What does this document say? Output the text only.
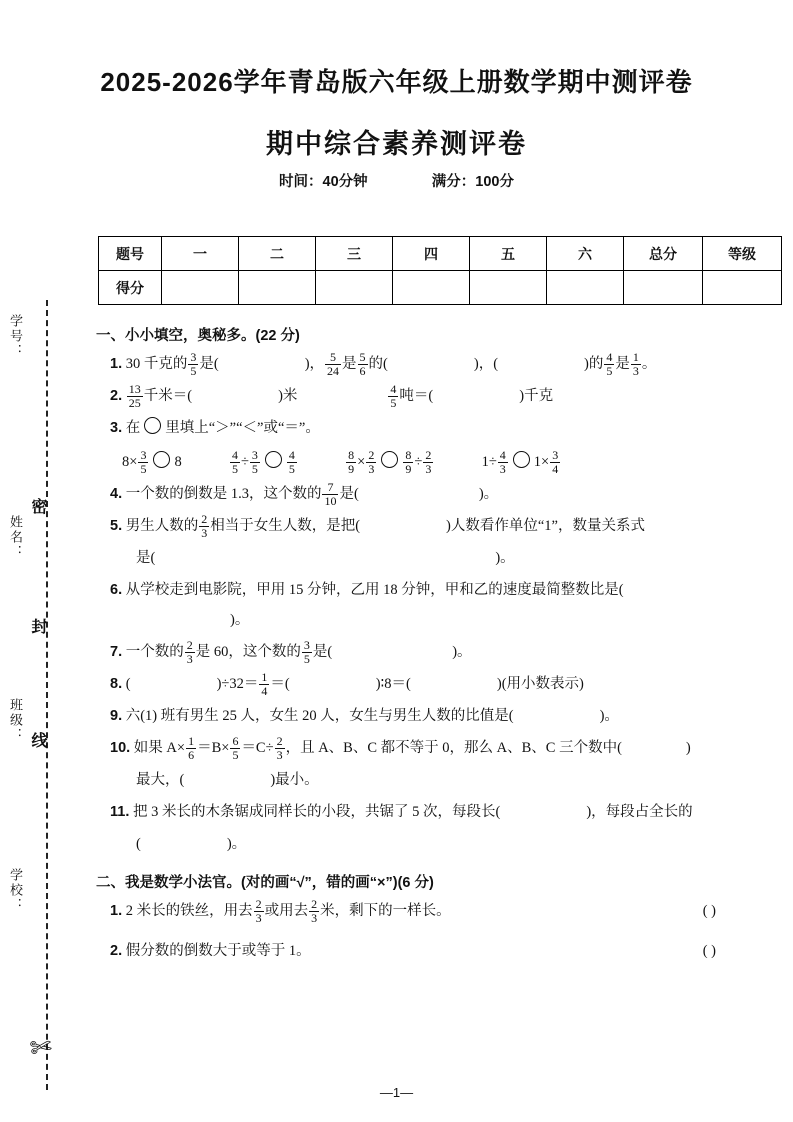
学号：
密
姓名：
封
班级： 线
学校：
✄
2025-2026学年青岛版六年级上册数学期中测评卷
期中综合素养测评卷
时间：40分钟	满分：100分
题号	一	二	三	四	五	六	总分	等级
得分								
一、小小填空，奥秘多。(22 分)
1. 30 千克的 $\frac{3}{5}$ 是(	)， $\frac{5}{24}$ 是 $\frac{5}{6}$ 的(	)，(	)的 $\frac{4}{5}$ 是 $\frac{1}{3}$ 。
2. $\frac{13}{25}$ 千米＝(	)米	$\frac{4}{5}$ 吨＝(	)千克
3. 在 里填上“＞”“＜”或“＝”。
$8\times \frac{3}{5} 8$	$\frac{4}{5} \div \frac{3}{5} \frac{4}{5}$
	$\frac{8}{9} \times \frac{2}{3} \frac{8}{9} \div \frac{2}{3}$	$1\div \frac{4}{3} 1\times \frac{3}{4}$
4. 一个数的倒数是 1.3，这个数的 $\frac{7}{10}$ 是(	)。
5. 男生人数的 $\frac{2}{3}$ 相当于女生人数，是把(	)人数看作单位“1”，数量关系式
是(	)。
6. 从学校走到电影院，甲用 15 分钟，乙用 18 分钟，甲和乙的速度最简整数比是()。
7. 一个数的 $\frac{2}{3}$ 是 60，这个数的 $\frac{3}{5}$ 是(	)。
8. (	)$\div 32= \frac{1}{4}$ ＝(	)∶8＝(	)(用小数表示)
9. 六(1) 班有男生 25 人，女生 20 人，女生与男生人数的比值是(	)。
10. 如果 $A\times \frac{1}{6} =B\times \frac{6}{5} =C\div \frac{2}{3}$ ，且 A、B、C 都不等于 0，那么 A、B、C 三个数中(	)
最大，(	)最小。
11. 把 3 米长的木条锯成同样长的小段，共锯了 5 次，每段长(	)，每段占全长的
(	)。
二、我是数学小法官。(对的画“√”，错的画“×”)(6 分)
1. 2 米长的铁丝，用去 $\frac{2}{3}$ 或用去 $\frac{2}{3}$ 米，剩下的一样长。	( )
2. 假分数的倒数大于或等于 1。	( )
—1—
